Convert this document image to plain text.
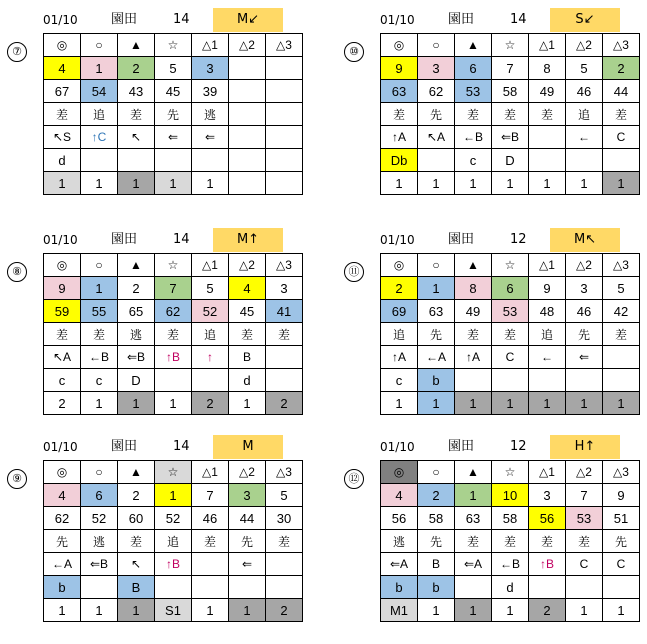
⑦
01/10	園田	14	M↙
◎	○	▲	☆	△1	△2	△3
4	1	2	5	3		
67	54	43	45	39		
差	追	差	先	逃		
↖S	↑C	↖	⇐	⇐		
d						
1	1	1	1	1		
⑩
01/10	園田	14	S↙
◎	○	▲	☆	△1	△2	△3
9	3	6	7	8	5	2
63	62	53	58	49	46	44
差	先	差	差	差	追	差
↑A	↖A	←B	⇐B		←	C
Db		c	D			
1	1	1	1	1	1	1
⑧
01/10	園田	14	M↑
◎	○	▲	☆	△1	△2	△3
9	1	2	7	5	4	3
59	55	65	62	52	45	41
差	差	逃	差	追	差	差
↖A	←B	⇐B	↑B	↑	B	
c	c	D			d	
2	1	1	1	2	1	2
⑪
01/10	園田	12	M↖
◎	○	▲	☆	△1	△2	△3
2	1	8	6	9	3	5
69	63	49	53	48	46	42
追	先	差	差	追	先	差
↑A	←A	↑A	C	←	⇐	
c	b					
1	1	1	1	1	1	1
⑨
01/10	園田	14	M
◎	○	▲	☆	△1	△2	△3
4	6	2	1	7	3	5
62	52	60	52	46	44	30
先	逃	差	追	差	先	差
←A	⇐B	↖	↑B		⇐	
b		B				
1	1	1	S1	1	1	2
⑫
01/10	園田	12	H↑
◎	○	▲	☆	△1	△2	△3
4	2	1	10	3	7	9
56	58	63	58	56	53	51
逃	先	差	差	差	差	先
⇐A	B	⇐A	←B	↑B	C	C
b	b		d			
M1	1	1	1	2	1	1
